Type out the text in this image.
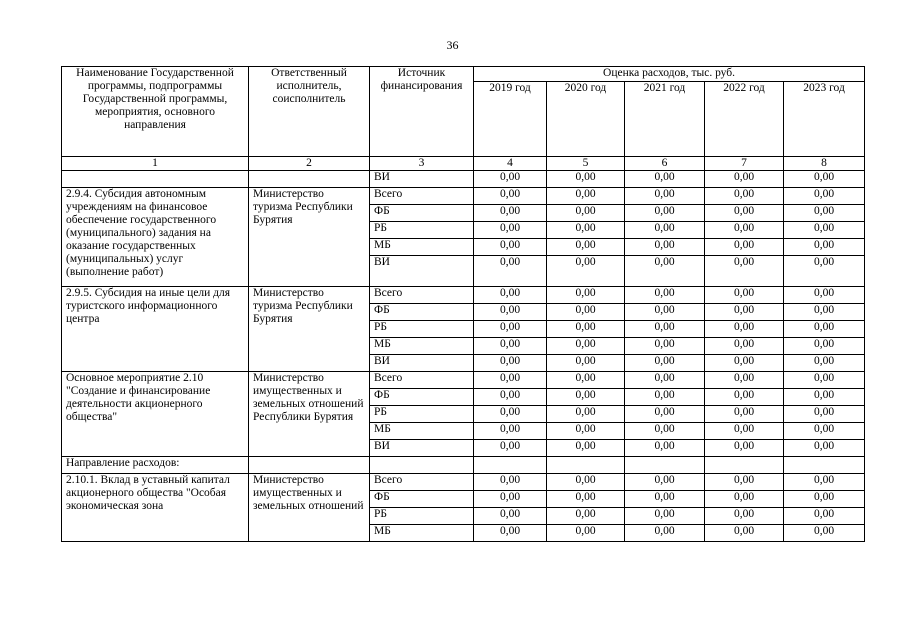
36
Наименование Государственной программы, подпрограммы Государственной программы, мероприятия, основного направления	Ответственный исполнитель, соисполнитель	Источник финансирования	Оценка расходов, тыс. руб.				
			2019 год	2020 год	2021 год	2022 год	2023 год
1	2	3	4	5	6	7	8
		ВИ	0,00	0,00	0,00	0,00	0,00
2.9.4. Субсидия автономным учреждениям на финансовое обеспечение государственного (муниципального) задания на оказание государственных (муниципальных) услуг (выполнение работ)	Министерство туризма Республики Бурятия	Всего	0,00	0,00	0,00	0,00	0,00
		ФБ	0,00	0,00	0,00	0,00	0,00
		РБ	0,00	0,00	0,00	0,00	0,00
		МБ	0,00	0,00	0,00	0,00	0,00
		ВИ	0,00	0,00	0,00	0,00	0,00
2.9.5. Субсидия на иные цели для туристского информационного центра	Министерство туризма Республики Бурятия	Всего	0,00	0,00	0,00	0,00	0,00
		ФБ	0,00	0,00	0,00	0,00	0,00
		РБ	0,00	0,00	0,00	0,00	0,00
		МБ	0,00	0,00	0,00	0,00	0,00
		ВИ	0,00	0,00	0,00	0,00	0,00
Основное мероприятие 2.10 "Создание и финансирование деятельности акционерного общества"	Министерство имущественных и земельных отношений Республики Бурятия	Всего	0,00	0,00	0,00	0,00	0,00
		ФБ	0,00	0,00	0,00	0,00	0,00
		РБ	0,00	0,00	0,00	0,00	0,00
		МБ	0,00	0,00	0,00	0,00	0,00
		ВИ	0,00	0,00	0,00	0,00	0,00
Направление расходов:							
2.10.1. Вклад в уставный капитал акционерного общества "Особая экономическая зона	Министерство имущественных и земельных отношений	Всего	0,00	0,00	0,00	0,00	0,00
		ФБ	0,00	0,00	0,00	0,00	0,00
		РБ	0,00	0,00	0,00	0,00	0,00
		МБ	0,00	0,00	0,00	0,00	0,00
